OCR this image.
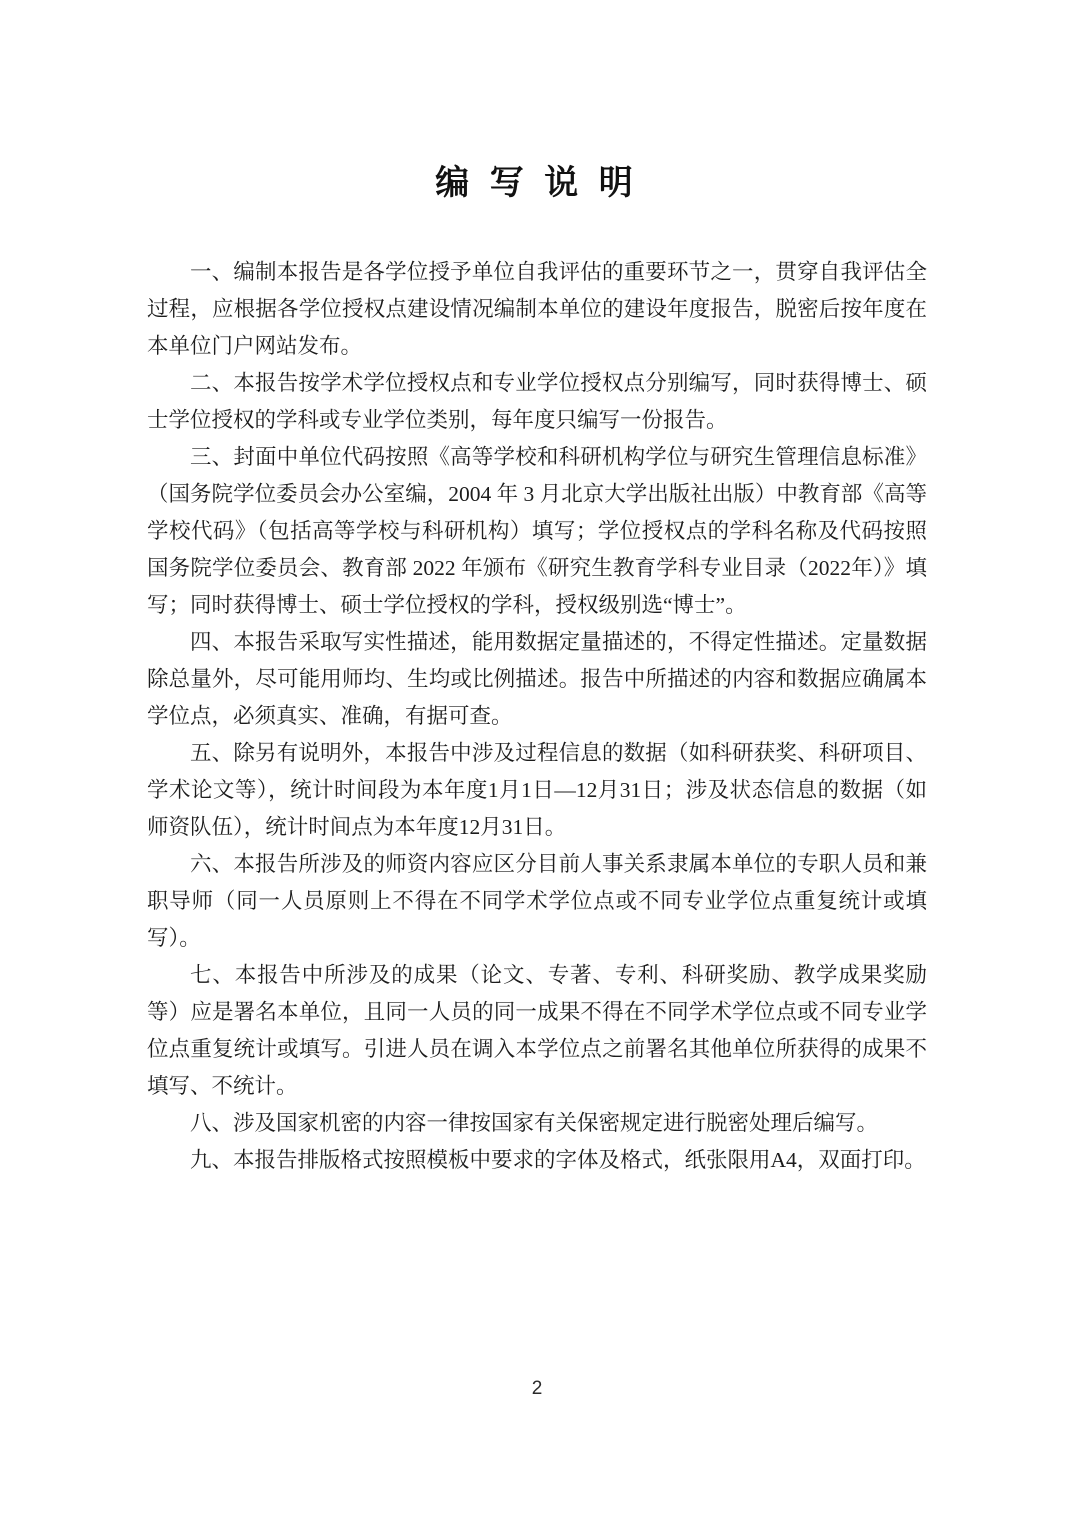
编 写 说 明

一、编制本报告是各学位授予单位自我评估的重要环节之一，贯穿自我评估全过程，应根据各学位授权点建设情况编制本单位的建设年度报告，脱密后按年度在本单位门户网站发布。

二、本报告按学术学位授权点和专业学位授权点分别编写，同时获得博士、硕士学位授权的学科或专业学位类别，每年度只编写一份报告。

三、封面中单位代码按照《高等学校和科研机构学位与研究生管理信息标准》（国务院学位委员会办公室编，2004 年 3 月北京大学出版社出版）中教育部《高等学校代码》（包括高等学校与科研机构）填写；学位授权点的学科名称及代码按照国务院学位委员会、教育部 2022 年颁布《研究生教育学科专业目录（2022年）》填写；同时获得博士、硕士学位授权的学科，授权级别选“博士”。

四、本报告采取写实性描述，能用数据定量描述的，不得定性描述。定量数据除总量外，尽可能用师均、生均或比例描述。报告中所描述的内容和数据应确属本学位点，必须真实、准确，有据可查。

五、除另有说明外，本报告中涉及过程信息的数据（如科研获奖、科研项目、学术论文等），统计时间段为本年度1月1日—12月31日；涉及状态信息的数据（如师资队伍），统计时间点为本年度12月31日。

六、本报告所涉及的师资内容应区分目前人事关系隶属本单位的专职人员和兼职导师（同一人员原则上不得在不同学术学位点或不同专业学位点重复统计或填写）。

七、本报告中所涉及的成果（论文、专著、专利、科研奖励、教学成果奖励等）应是署名本单位，且同一人员的同一成果不得在不同学术学位点或不同专业学位点重复统计或填写。引进人员在调入本学位点之前署名其他单位所获得的成果不填写、不统计。

八、涉及国家机密的内容一律按国家有关保密规定进行脱密处理后编写。

九、本报告排版格式按照模板中要求的字体及格式，纸张限用A4，双面打印。

2
